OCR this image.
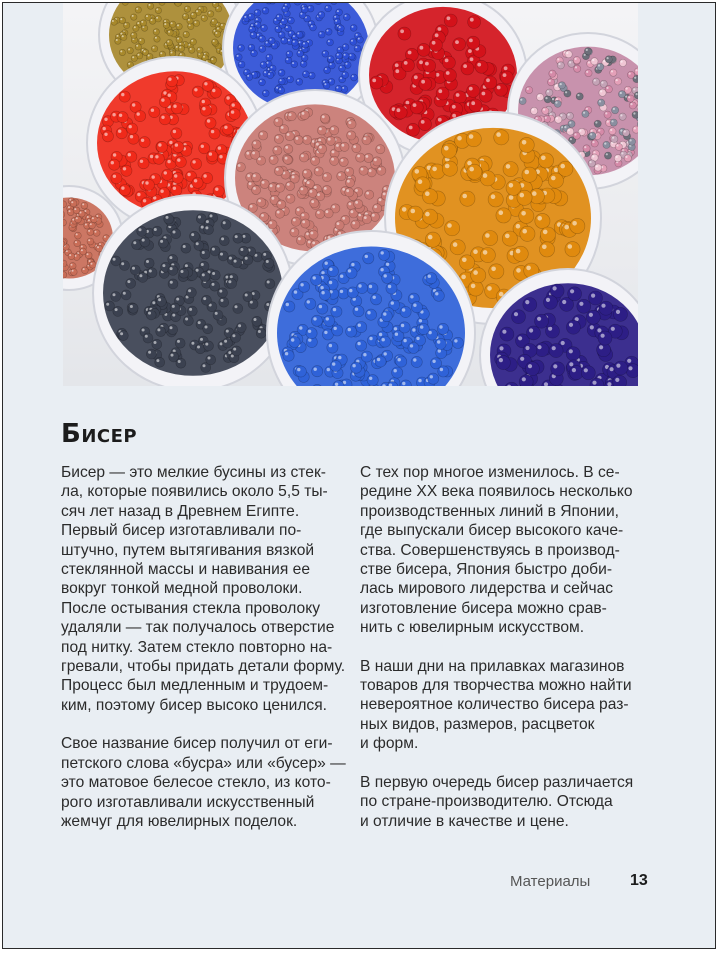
Бисер

Бисер — это мелкие бусины из стек-
ла, которые появились около 5,5 ты-
сяч лет назад в Древнем Египте.
Первый бисер изготавливали по-
штучно, путем вытягивания вязкой
стеклянной массы и навивания ее
вокруг тонкой медной проволоки.
После остывания стекла проволоку
удаляли — так получалось отверстие
под нитку. Затем стекло повторно на-
гревали, чтобы придать детали форму.
Процесс был медленным и трудоем-
ким, поэтому бисер высоко ценился.

Свое название бисер получил от еги-
петского слова «бусра» или «бусер» —
это матовое белесое стекло, из кото-
рого изготавливали искусственный
жемчуг для ювелирных поделок.

С тех пор многое изменилось. В се-
редине XX века появилось несколько
производственных линий в Японии,
где выпускали бисер высокого каче-
ства. Совершенствуясь в производ-
стве бисера, Япония быстро доби-
лась мирового лидерства и сейчас
изготовление бисера можно срав-
нить с ювелирным искусством.

В наши дни на прилавках магазинов
товаров для творчества можно найти
невероятное количество бисера раз-
ных видов, размеров, расцветок
и форм.

В первую очередь бисер различается
по стране-производителю. Отсюда
и отличие в качестве и цене.

Материалы 13
